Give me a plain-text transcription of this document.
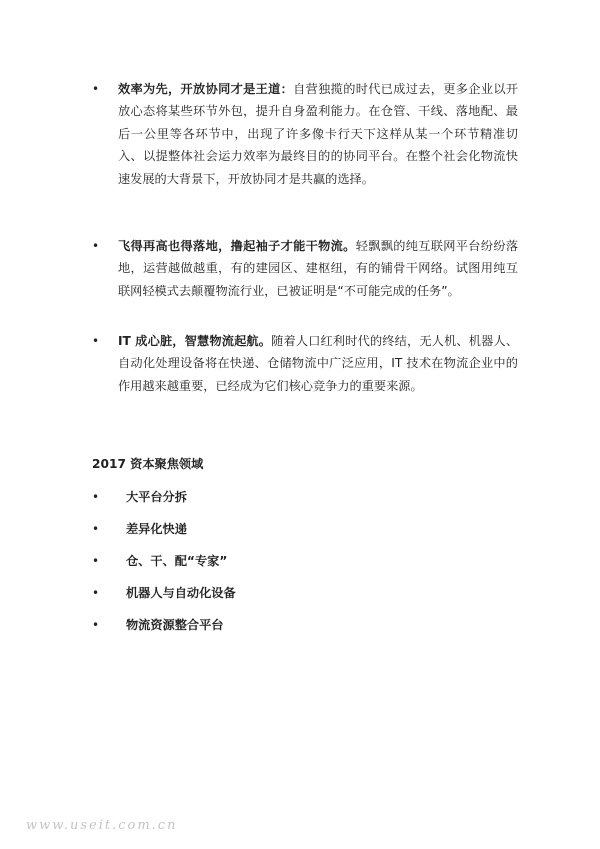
• 效率为先，开放协同才是王道：自营独揽的时代已成过去，更多企业以开放心态将某些环节外包，提升自身盈利能力。在仓管、干线、落地配、最后一公里等各环节中，出现了许多像卡行天下这样从某一个环节精准切入、以提整体社会运力效率为最终目的的协同平台。在整个社会化物流快速发展的大背景下，开放协同才是共赢的选择。
• 飞得再高也得落地，撸起袖子才能干物流。轻飘飘的纯互联网平台纷纷落地，运营越做越重，有的建园区、建枢纽，有的铺骨干网络。试图用纯互联网轻模式去颠覆物流行业，已被证明是“不可能完成的任务”。
• IT 成心脏，智慧物流起航。随着人口红利时代的终结，无人机、机器人、自动化处理设备将在快递、仓储物流中广泛应用，IT 技术在物流企业中的作用越来越重要，已经成为它们核心竞争力的重要来源。
2017 资本聚焦领域
• 大平台分拆
• 差异化快递
• 仓、干、配“专家”
• 机器人与自动化设备
• 物流资源整合平台
www.useit.com.cn
